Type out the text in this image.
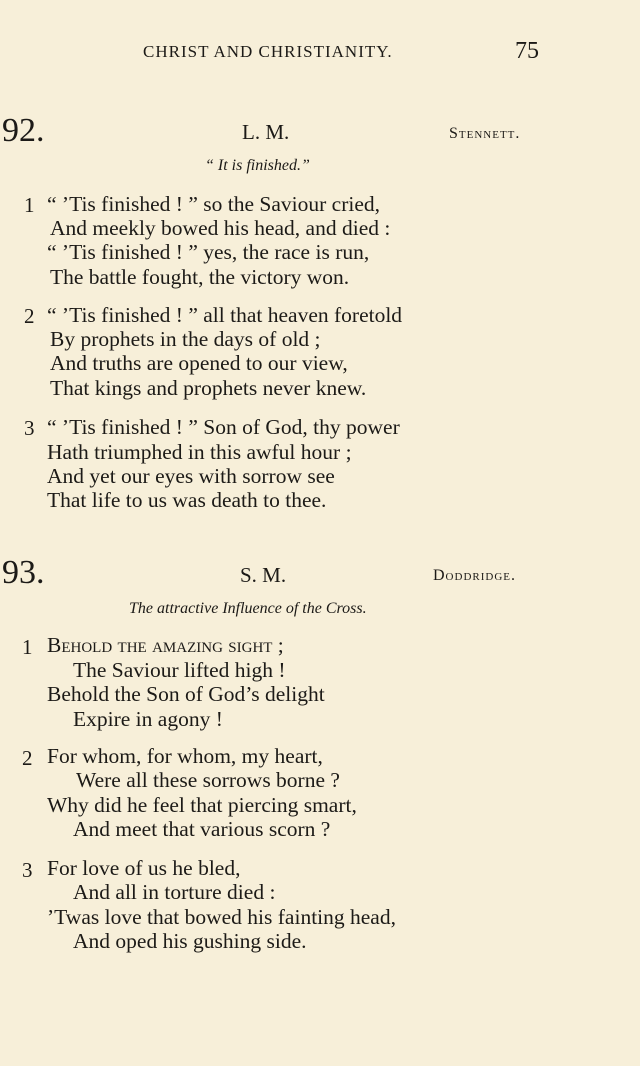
CHRIST AND CHRISTIANITY.	75
92.	L. M.	Stennett.
“ It is finished.”
1 “ ’Tis finished ! ” so the Saviour cried,
And meekly bowed his head, and died :
“ ’Tis finished ! ” yes, the race is run,
The battle fought, the victory won.
2 “ ’Tis finished ! ” all that heaven foretold
By prophets in the days of old ;
And truths are opened to our view,
That kings and prophets never knew.
3 “ ’Tis finished ! ” Son of God, thy power
Hath triumphed in this awful hour ;
And yet our eyes with sorrow see
That life to us was death to thee.
93.	S. M.	Doddridge.
The attractive Influence of the Cross.
1 Behold the amazing sight ;
The Saviour lifted high !
Behold the Son of God’s delight
Expire in agony !
2 For whom, for whom, my heart,
Were all these sorrows borne ?
Why did he feel that piercing smart,
And meet that various scorn ?
3 For love of us he bled,
And all in torture died :
’Twas love that bowed his fainting head,
And oped his gushing side.
